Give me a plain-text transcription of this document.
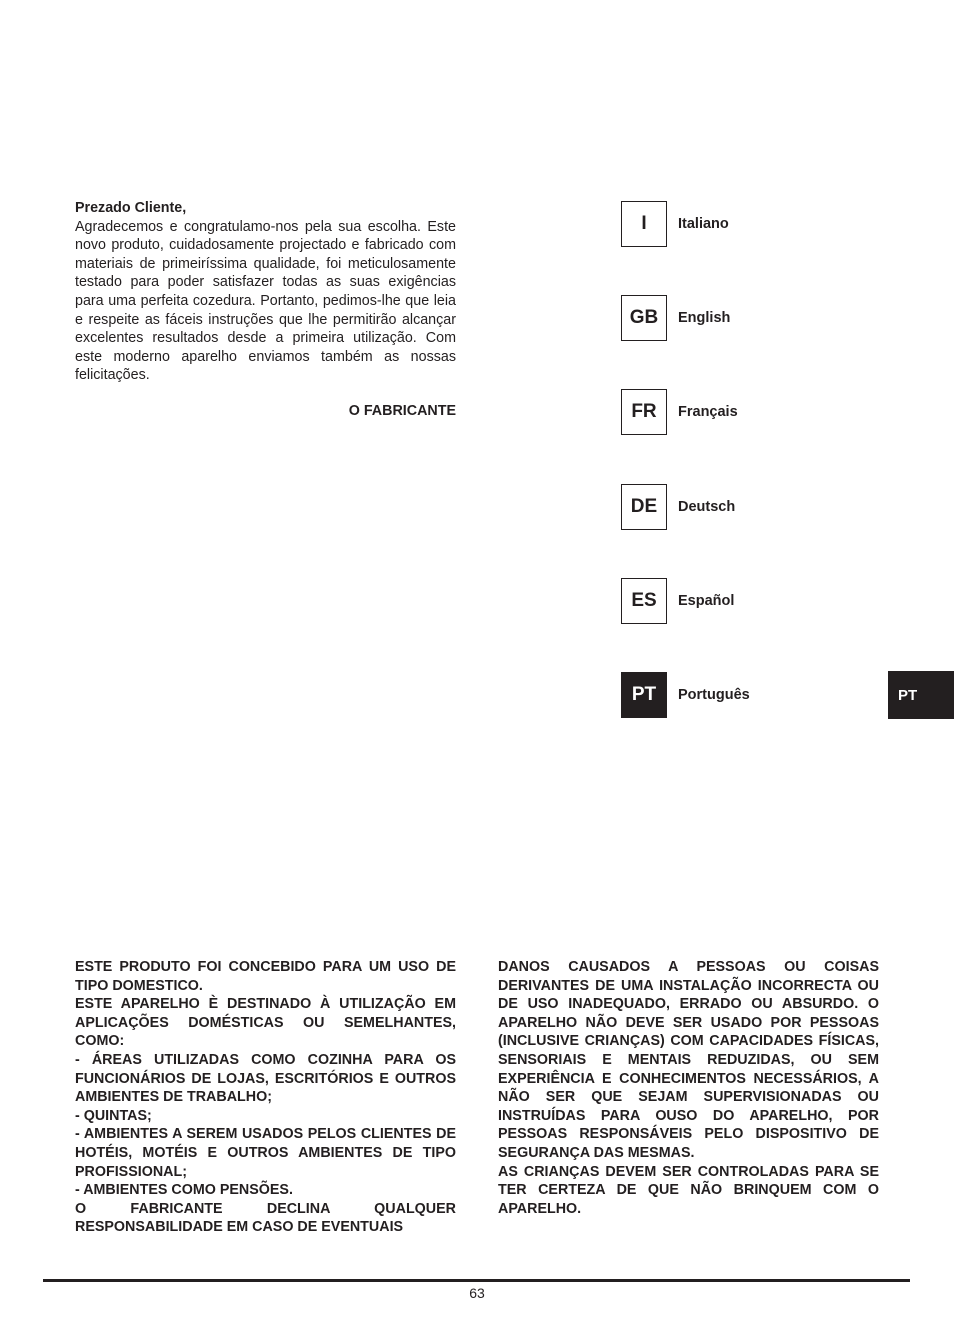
Prezado Cliente,

Agradecemos e congratulamo-nos pela sua escolha. Este novo produto, cuidadosamente projectado e fabricado com materiais de primeiríssima qualidade, foi meticulosamente testado para poder satisfazer todas as suas exigências para uma perfeita cozedura. Portanto, pedimos-lhe que leia e respeite as fáceis instruções que lhe permitirão alcançar excelentes resultados desde a primeira utilização. Com este moderno aparelho enviamos também as nossas felicitações.

O FABRICANTE
I	Italiano
GB	English
FR	Français
DE	Deutsch
ES	Español
PT	Português	PT

ESTE PRODUTO FOI CONCEBIDO PARA UM USO DE TIPO DOMESTICO.

ESTE APARELHO È DESTINADO À UTILIZAÇÃO EM APLICAÇÕES DOMÉSTICAS OU SEMELHANTES, COMO:

- ÁREAS UTILIZADAS COMO COZINHA PARA OS FUNCIONÁRIOS DE LOJAS, ESCRITÓRIOS E OUTROS AMBIENTES DE TRABALHO;

- QUINTAS;

- AMBIENTES A SEREM USADOS PELOS CLIENTES DE HOTÉIS, MOTÉIS E OUTROS AMBIENTES DE TIPO PROFISSIONAL;

- AMBIENTES COMO PENSÕES.

O FABRICANTE DECLINA QUALQUER RESPONSABILIDADE EM CASO DE EVENTUAIS

DANOS CAUSADOS A PESSOAS OU COISAS DERIVANTES DE UMA INSTALAÇÃO INCORRECTA OU DE USO INADEQUADO, ERRADO OU ABSURDO. O APARELHO NÃO DEVE SER USADO POR PESSOAS (INCLUSIVE CRIANÇAS) COM CAPACIDADES FÍSICAS, SENSORIAIS E MENTAIS REDUZIDAS, OU SEM EXPERIÊNCIA E CONHECIMENTOS NECESSÁRIOS, A NÃO SER QUE SEJAM SUPERVISIONADAS OU INSTRUÍDAS PARA OUSO DO APARELHO, POR PESSOAS RESPONSÁVEIS PELO DISPOSITIVO DE SEGURANÇA DAS MESMAS.

AS CRIANÇAS DEVEM SER CONTROLADAS PARA SE TER CERTEZA DE QUE NÃO BRINQUEM COM O APARELHO.

63
